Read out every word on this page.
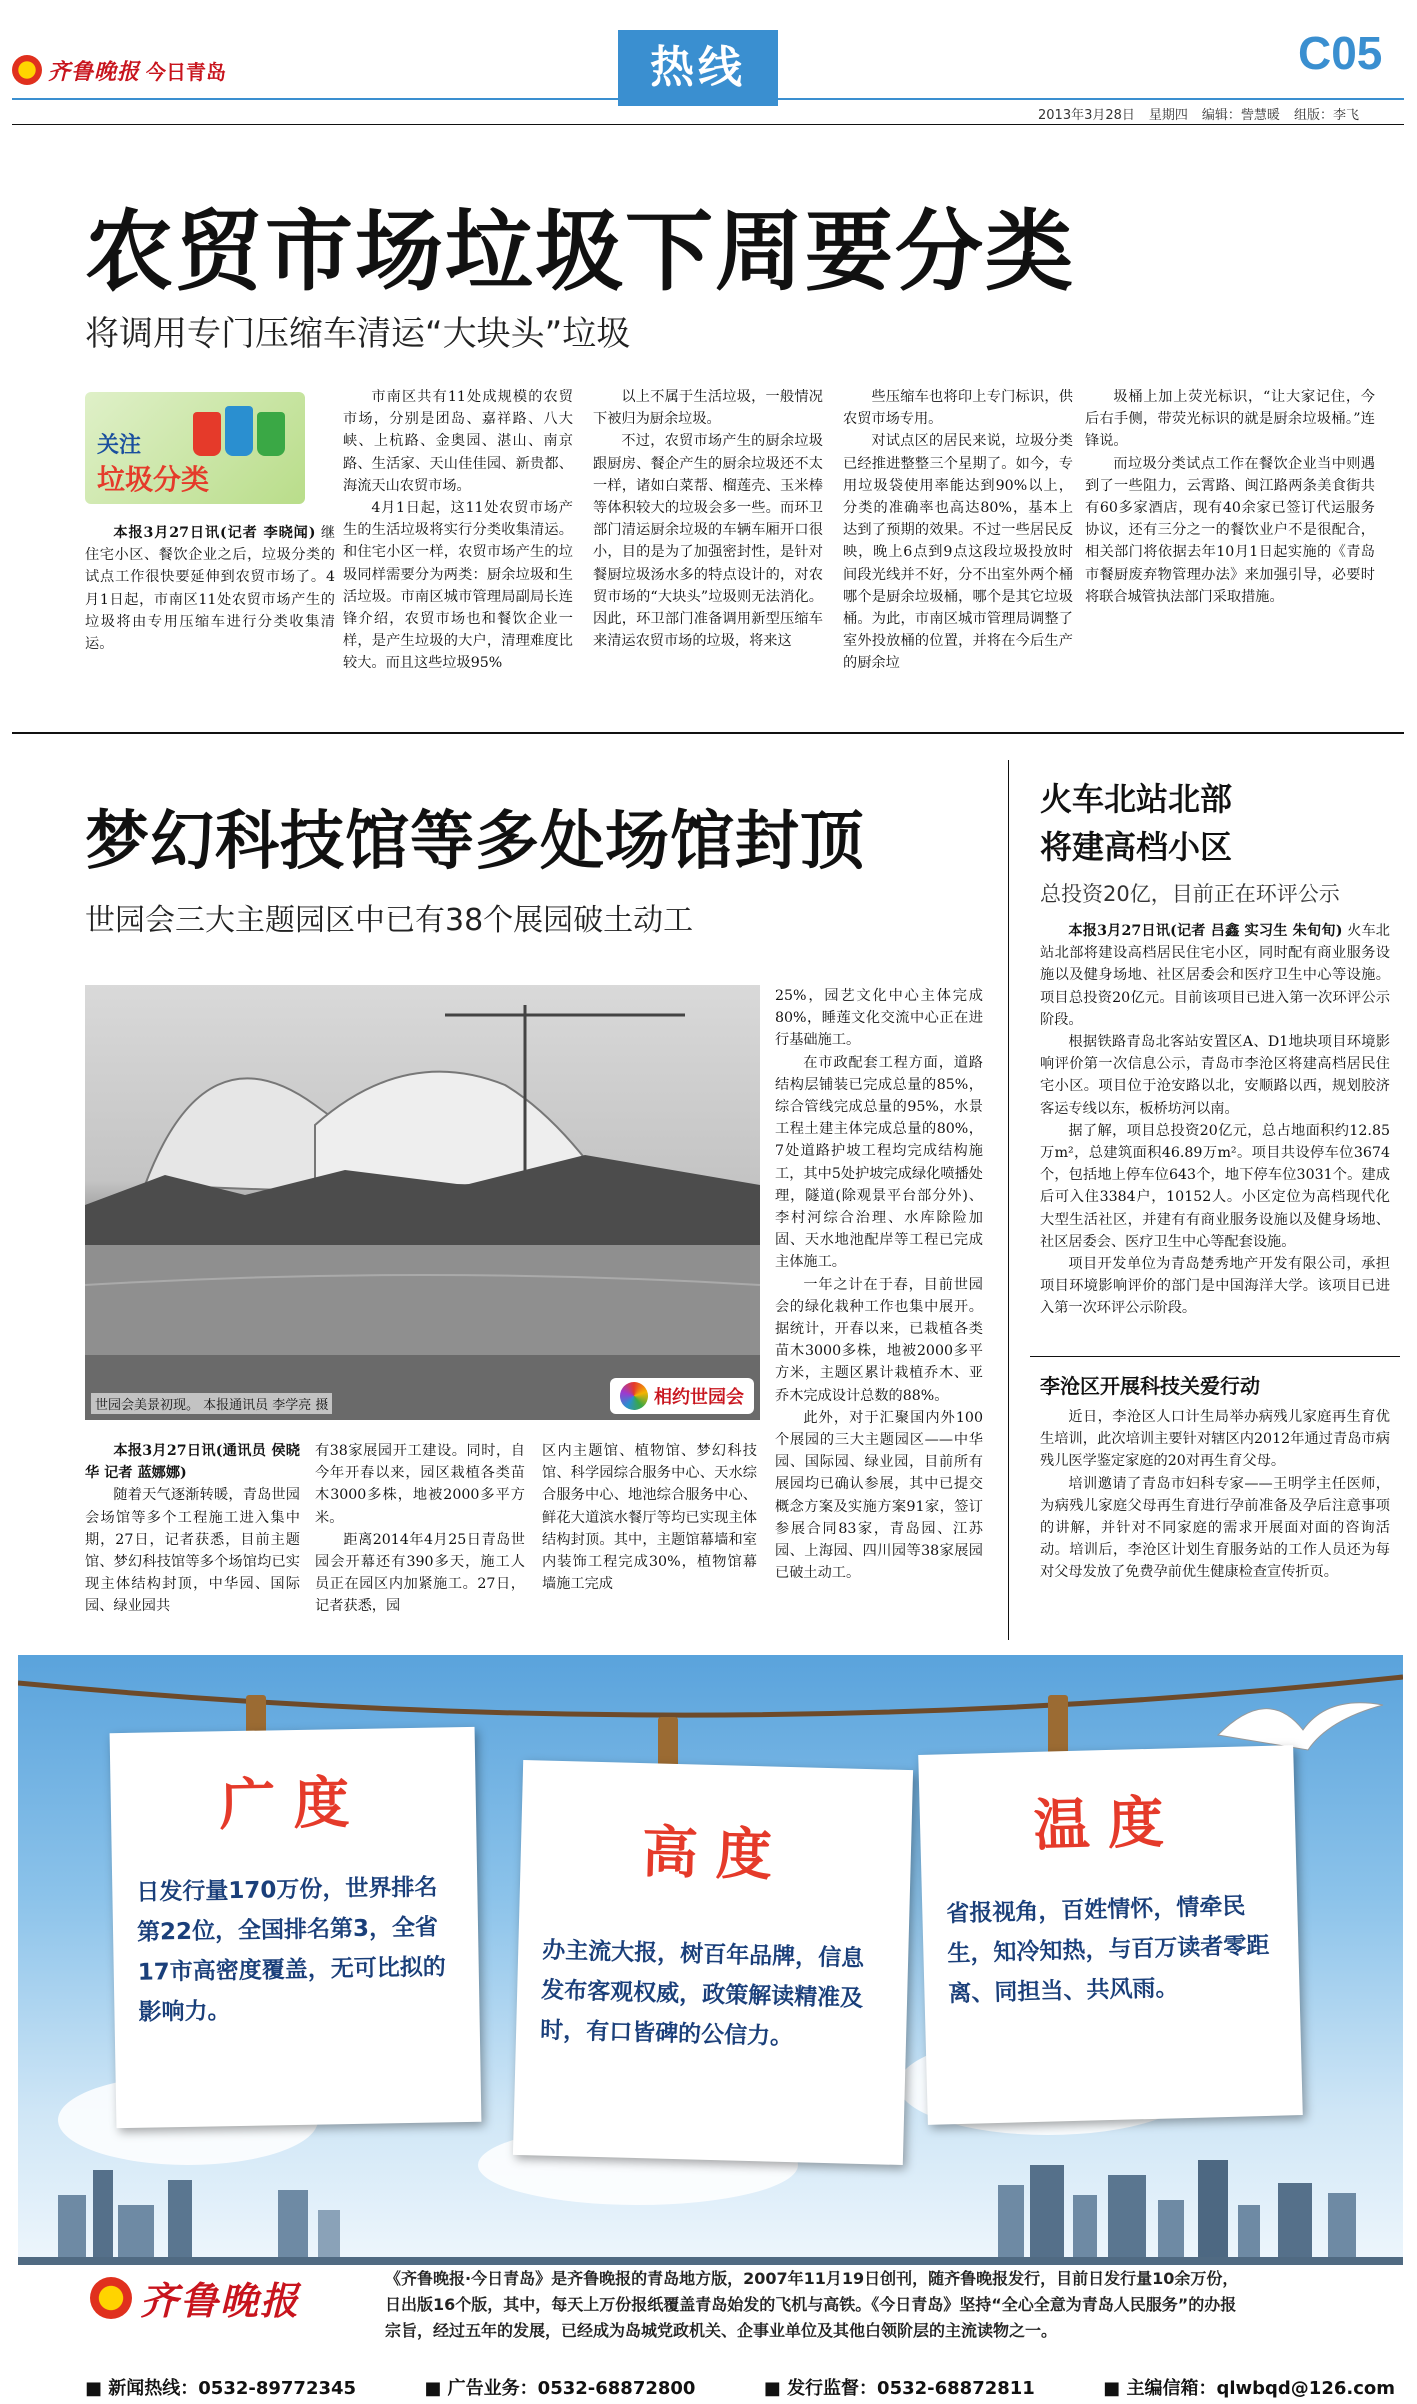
齐鲁晚报 今日青岛	热线	C05
2013年3月28日 星期四 编辑：訾慧暖 组版：李飞
农贸市场垃圾下周要分类
将调用专门压缩车清运“大块头”垃圾
关注
垃圾分类

本报3月27日讯(记者 李晓闻) 继住宅小区、餐饮企业之后，垃圾分类的试点工作很快要延伸到农贸市场了。4月1日起，市南区11处农贸市场产生的垃圾将由专用压缩车进行分类收集清运。

市南区共有11处成规模的农贸市场，分别是团岛、嘉祥路、八大峡、上杭路、金奥园、湛山、南京路、生活家、天山佳佳园、新贵都、海流天山农贸市场。

4月1日起，这11处农贸市场产生的生活垃圾将实行分类收集清运。和住宅小区一样，农贸市场产生的垃圾同样需要分为两类：厨余垃圾和生活垃圾。市南区城市管理局副局长连锋介绍，农贸市场也和餐饮企业一样，是产生垃圾的大户，清理难度比较大。而且这些垃圾95%

以上不属于生活垃圾，一般情况下被归为厨余垃圾。

不过，农贸市场产生的厨余垃圾跟厨房、餐企产生的厨余垃圾还不太一样，诸如白菜帮、榴莲壳、玉米棒等体积较大的垃圾会多一些。而环卫部门清运厨余垃圾的车辆车厢开口很小，目的是为了加强密封性，是针对餐厨垃圾汤水多的特点设计的，对农贸市场的“大块头”垃圾则无法消化。因此，环卫部门准备调用新型压缩车来清运农贸市场的垃圾，将来这

些压缩车也将印上专门标识，供农贸市场专用。

对试点区的居民来说，垃圾分类已经推进整整三个星期了。如今，专用垃圾袋使用率能达到90%以上，分类的准确率也高达80%，基本上达到了预期的效果。不过一些居民反映，晚上6点到9点这段垃圾投放时间段光线并不好，分不出室外两个桶哪个是厨余垃圾桶，哪个是其它垃圾桶。为此，市南区城市管理局调整了室外投放桶的位置，并将在今后生产的厨余垃

圾桶上加上荧光标识，“让大家记住，今后右手侧，带荧光标识的就是厨余垃圾桶。”连锋说。

而垃圾分类试点工作在餐饮企业当中则遇到了一些阻力，云霄路、闽江路两条美食街共有60多家酒店，现有40余家已签订代运服务协议，还有三分之一的餐饮业户不是很配合，相关部门将依据去年10月1日起实施的《青岛市餐厨废弃物管理办法》来加强引导，必要时将联合城管执法部门采取措施。

梦幻科技馆等多处场馆封顶
世园会三大主题园区中已有38个展园破土动工
世园会美景初现。 本报通讯员 李学亮 摄	相约世园会

25%，园艺文化中心主体完成80%，睡莲文化交流中心正在进行基础施工。

在市政配套工程方面，道路结构层铺装已完成总量的85%，综合管线完成总量的95%，水景工程土建主体完成总量的80%，7处道路护坡工程均完成结构施工，其中5处护坡完成绿化喷播处理，隧道(除观景平台部分外)、李村河综合治理、水库除险加固、天水地池配岸等工程已完成主体施工。

一年之计在于春，目前世园会的绿化栽种工作也集中展开。据统计，开春以来，已栽植各类苗木3000多株，地被2000多平方米，主题区累计栽植乔木、亚乔木完成设计总数的88%。

此外，对于汇聚国内外100个展园的三大主题园区——中华园、国际园、绿业园，目前所有展园均已确认参展，其中已提交概念方案及实施方案91家，签订参展合同83家，青岛园、江苏园、上海园、四川园等38家展园已破土动工。

本报3月27日讯(通讯员 侯晓华 记者 蓝娜娜)

随着天气逐渐转暖，青岛世园会场馆等多个工程施工进入集中期，27日，记者获悉，目前主题馆、梦幻科技馆等多个场馆均已实现主体结构封顶，中华园、国际园、绿业园共

有38家展园开工建设。同时，自今年开春以来，园区栽植各类苗木3000多株，地被2000多平方米。

距离2014年4月25日青岛世园会开幕还有390多天，施工人员正在园区内加紧施工。27日，记者获悉，园

区内主题馆、植物馆、梦幻科技馆、科学园综合服务中心、天水综合服务中心、地池综合服务中心、鲜花大道滨水餐厅等均已实现主体结构封顶。其中，主题馆幕墙和室内装饰工程完成30%，植物馆幕墙施工完成

火车北站北部
将建高档小区
总投资20亿，目前正在环评公示

本报3月27日讯(记者 吕鑫 实习生 朱旬旬) 火车北站北部将建设高档居民住宅小区，同时配有商业服务设施以及健身场地、社区居委会和医疗卫生中心等设施。项目总投资20亿元。目前该项目已进入第一次环评公示阶段。

根据铁路青岛北客站安置区A、D1地块项目环境影响评价第一次信息公示，青岛市李沧区将建高档居民住宅小区。项目位于沧安路以北，安顺路以西，规划胶济客运专线以东，板桥坊河以南。

据了解，项目总投资20亿元，总占地面积约12.85万m²，总建筑面积46.89万m²。项目共设停车位3674个，包括地上停车位643个，地下停车位3031个。建成后可入住3384户，10152人。小区定位为高档现代化大型生活社区，并建有有商业服务设施以及健身场地、社区居委会、医疗卫生中心等配套设施。

项目开发单位为青岛楚秀地产开发有限公司，承担项目环境影响评价的部门是中国海洋大学。该项目已进入第一次环评公示阶段。

李沧区开展科技关爱行动

近日，李沧区人口计生局举办病残儿家庭再生育优生培训，此次培训主要针对辖区内2012年通过青岛市病残儿医学鉴定家庭的20对再生育父母。

培训邀请了青岛市妇科专家——王明学主任医师，为病残儿家庭父母再生育进行孕前准备及孕后注意事项的讲解，并针对不同家庭的需求开展面对面的咨询活动。培训后，李沧区计划生育服务站的工作人员还为每对父母发放了免费孕前优生健康检查宣传折页。

广度
日发行量170万份，世界排名第22位，全国排名第3，全省17市高密度覆盖，无可比拟的影响力。
高度
办主流大报，树百年品牌，信息发布客观权威，政策解读精准及时，有口皆碑的公信力。
温度
省报视角，百姓情怀，情牵民生，知冷知热，与百万读者零距离、同担当、共风雨。
齐鲁晚报	《齐鲁晚报·今日青岛》是齐鲁晚报的青岛地方版，2007年11月19日创刊，随齐鲁晚报发行，目前日发行量10余万份，日出版16个版，其中，每天上万份报纸覆盖青岛始发的飞机与高铁。《今日青岛》坚持“全心全意为青岛人民服务”的办报宗旨，经过五年的发展，已经成为岛城党政机关、企事业单位及其他白领阶层的主流读物之一。
■ 新闻热线：0532-89772345	■ 广告业务：0532-68872800	■ 发行监督：0532-68872811	■ 主编信箱：qlwbqd@126.com
